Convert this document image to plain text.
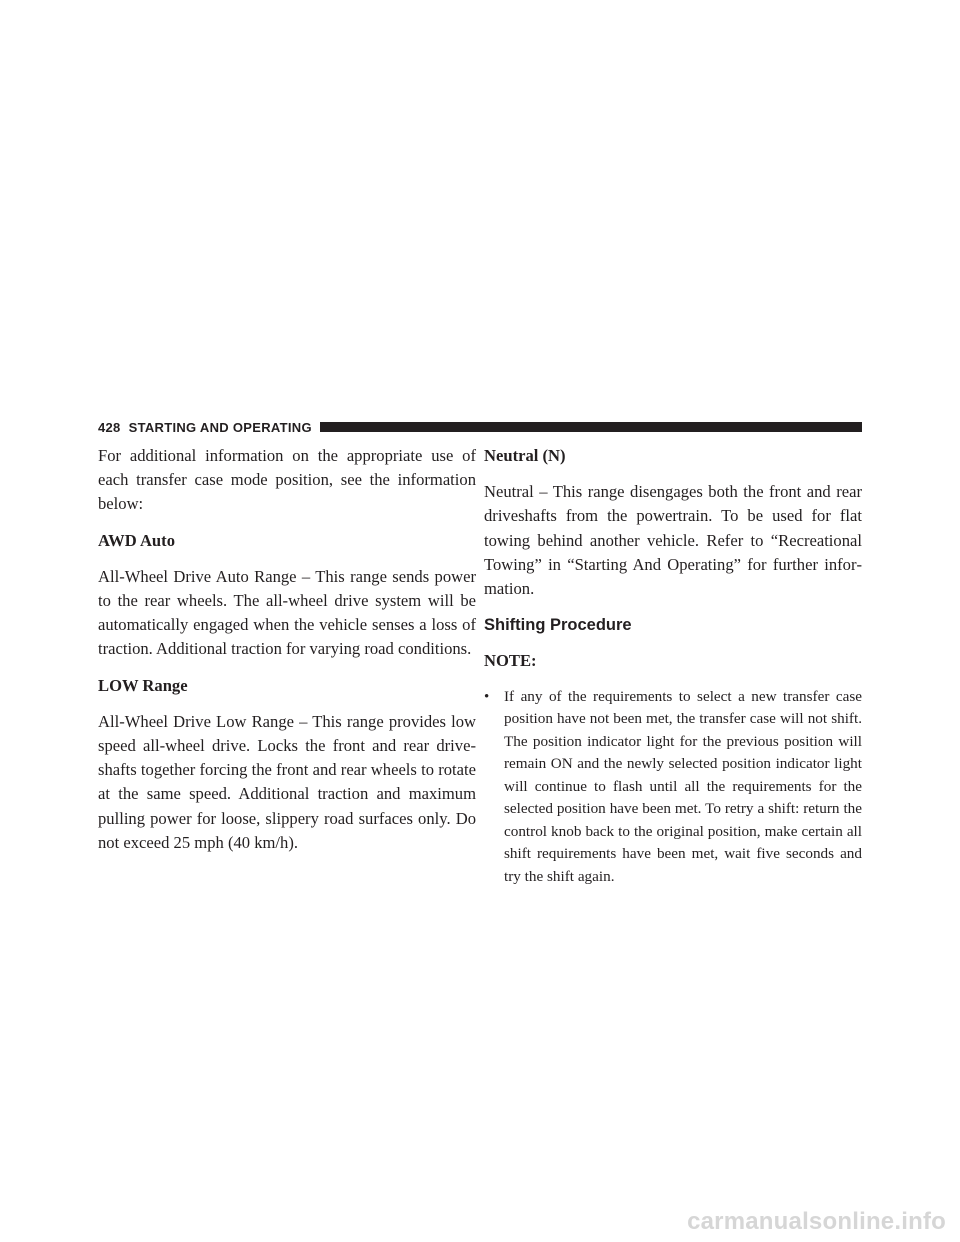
428 STARTING AND OPERATING

For additional information on the appropriate use of each transfer case mode position, see the information below:

AWD Auto

All-Wheel Drive Auto Range – This range sends power to the rear wheels. The all-wheel drive system will be automatically engaged when the vehicle senses a loss of traction. Additional traction for varying road conditions.

LOW Range

All-Wheel Drive Low Range – This range provides low speed all-wheel drive. Locks the front and rear driveshafts together forcing the front and rear wheels to rotate at the same speed. Additional traction and maximum pulling power for loose, slippery road surfaces only. Do not exceed 25 mph (40 km/h).

Neutral (N)

Neutral – This range disengages both the front and rear driveshafts from the powertrain. To be used for flat towing behind another vehicle. Refer to “Recreational Towing” in “Starting And Operating” for further information.

Shifting Procedure
NOTE:
• If any of the requirements to select a new transfer case position have not been met, the transfer case will not shift. The position indicator light for the previous position will remain ON and the newly selected position indicator light will continue to flash until all the requirements for the selected position have been met. To retry a shift: return the control knob back to the original position, make certain all shift requirements have been met, wait five seconds and try the shift again.
carmanualsonline.info
